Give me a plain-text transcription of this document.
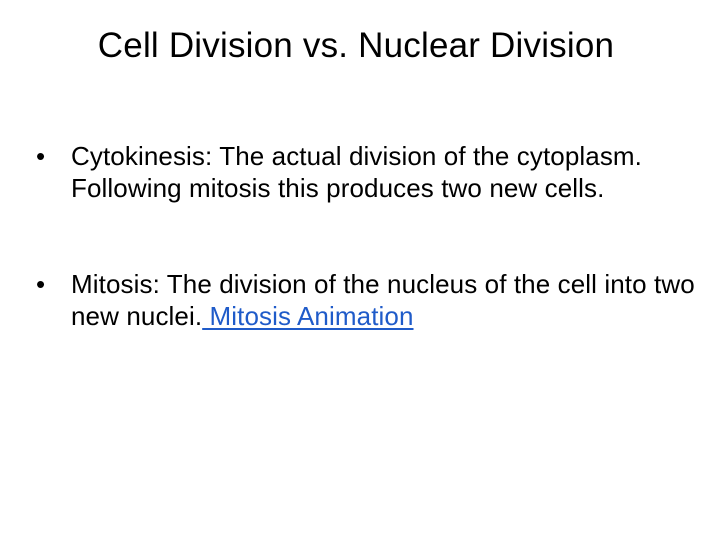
Cell Division vs. Nuclear Division
• Cytokinesis: The actual division of the cytoplasm. Following mitosis this produces two new cells.
• Mitosis: The division of the nucleus of the cell into two new nuclei. Mitosis Animation
